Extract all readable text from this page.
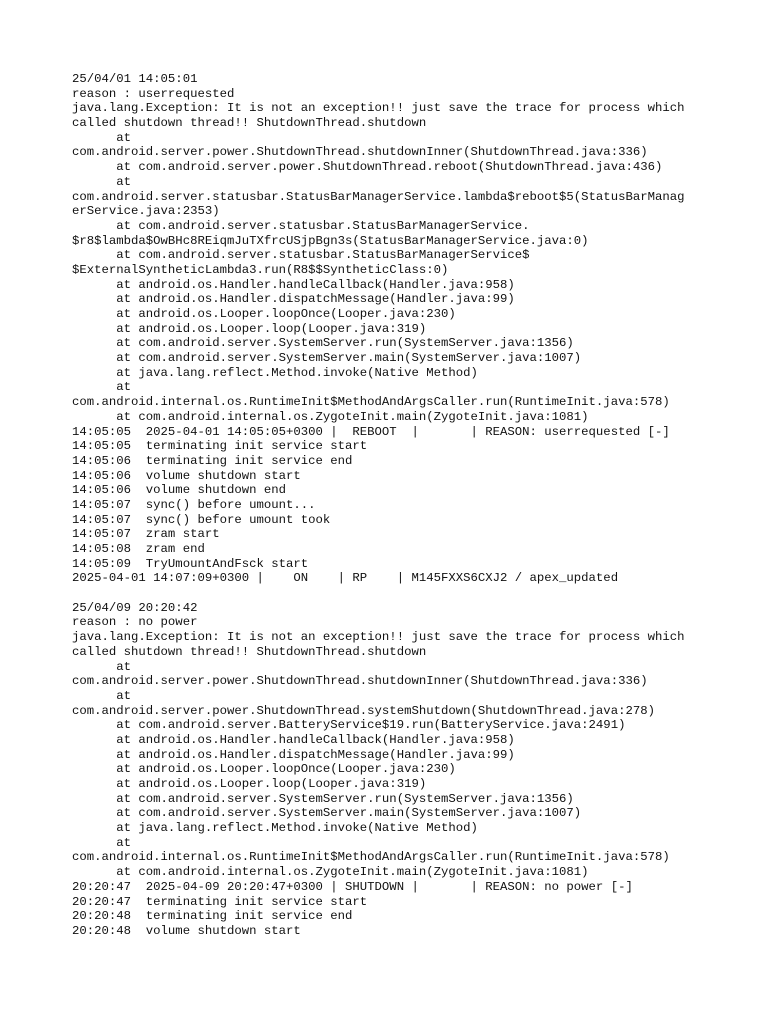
25/04/01 14:05:01
reason : userrequested
java.lang.Exception: It is not an exception!! just save the trace for process which
called shutdown thread!! ShutdownThread.shutdown
at
com.android.server.power.ShutdownThread.shutdownInner(ShutdownThread.java:336)
at com.android.server.power.ShutdownThread.reboot(ShutdownThread.java:436)
at
com.android.server.statusbar.StatusBarManagerService.lambda$reboot$5(StatusBarManag
erService.java:2353)
at com.android.server.statusbar.StatusBarManagerService.
$r8$lambda$OwBHc8REiqmJuTXfrcUSjpBgn3s(StatusBarManagerService.java:0)
at com.android.server.statusbar.StatusBarManagerService$
$ExternalSyntheticLambda3.run(R8$$SyntheticClass:0)
at android.os.Handler.handleCallback(Handler.java:958)
at android.os.Handler.dispatchMessage(Handler.java:99)
at android.os.Looper.loopOnce(Looper.java:230)
at android.os.Looper.loop(Looper.java:319)
at com.android.server.SystemServer.run(SystemServer.java:1356)
at com.android.server.SystemServer.main(SystemServer.java:1007)
at java.lang.reflect.Method.invoke(Native Method)
at
com.android.internal.os.RuntimeInit$MethodAndArgsCaller.run(RuntimeInit.java:578)
at com.android.internal.os.ZygoteInit.main(ZygoteInit.java:1081)
14:05:05  2025-04-01 14:05:05+0300 |  REBOOT  |       | REASON: userrequested [-]
14:05:05  terminating init service start
14:05:06  terminating init service end
14:05:06  volume shutdown start
14:05:06  volume shutdown end
14:05:07  sync() before umount...
14:05:07  sync() before umount took
14:05:07  zram start
14:05:08  zram end
14:05:09  TryUmountAndFsck start
2025-04-01 14:07:09+0300 |    ON    | RP    | M145FXXS6CXJ2 / apex_updated
25/04/09 20:20:42
reason : no power
java.lang.Exception: It is not an exception!! just save the trace for process which
called shutdown thread!! ShutdownThread.shutdown
at
com.android.server.power.ShutdownThread.shutdownInner(ShutdownThread.java:336)
at
com.android.server.power.ShutdownThread.systemShutdown(ShutdownThread.java:278)
at com.android.server.BatteryService$19.run(BatteryService.java:2491)
at android.os.Handler.handleCallback(Handler.java:958)
at android.os.Handler.dispatchMessage(Handler.java:99)
at android.os.Looper.loopOnce(Looper.java:230)
at android.os.Looper.loop(Looper.java:319)
at com.android.server.SystemServer.run(SystemServer.java:1356)
at com.android.server.SystemServer.main(SystemServer.java:1007)
at java.lang.reflect.Method.invoke(Native Method)
at
com.android.internal.os.RuntimeInit$MethodAndArgsCaller.run(RuntimeInit.java:578)
at com.android.internal.os.ZygoteInit.main(ZygoteInit.java:1081)
20:20:47  2025-04-09 20:20:47+0300 | SHUTDOWN |       | REASON: no power [-]
20:20:47  terminating init service start
20:20:48  terminating init service end
20:20:48  volume shutdown start
